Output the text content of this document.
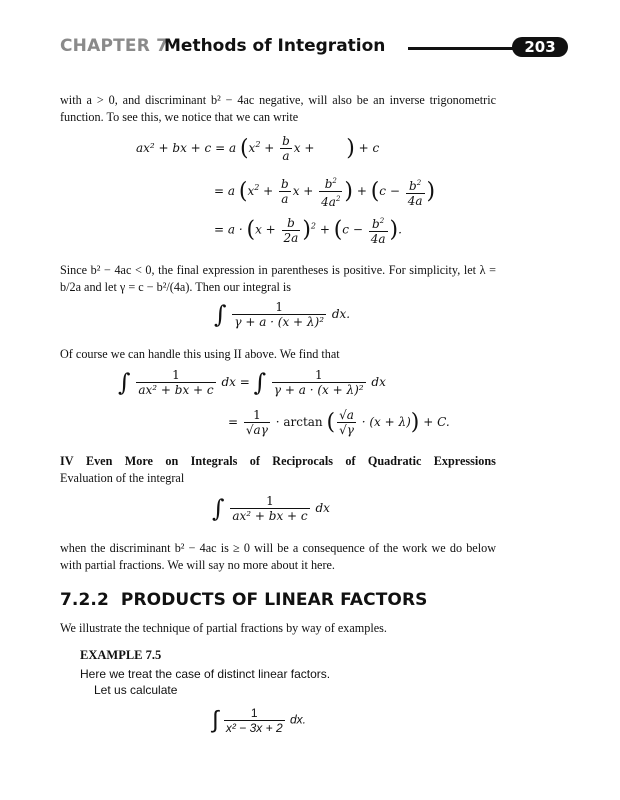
CHAPTER 7
Methods of Integration	203
with a > 0, and discriminant b² − 4ac negative, will also be an inverse trigonometric function. To see this, we notice that we can write
ax² + bx + c = a ($x^2 + \frac{b}{a}$ x + ) + c
= a ($x^2 + \frac{b}{a}$ $x + \frac{b^2}{4a^2}$ ) + ($c - \frac{b^2}{4a}$ )
= $a \cdot (x + \frac{b}{2a} )^2 + (c - \frac{b^2}{4a}$ ).
Since b² − 4ac < 0, the final expression in parentheses is positive. For simplicity, let λ = b/2a and let γ = c − b²/(4a). Then our integral is
∫ $\frac{1}{\text{γ + a · (x + λ)²}}$ dx.
Of course we can handle this using II above. We find that
∫ $\frac{1}{\text{ax² + bx + c}}$ dx = ∫ $\frac{1}{\text{γ + a · (x + λ)²}}$ dx
= $\frac{1}{√a\gamma} \cdot \arctan$ ( $\frac{√a}{√\gamma} \cdot (x + \lambda)) + C$.
IV Even More on Integrals of Reciprocals of Quadratic Expressions
Evaluation of the integral
∫ $\frac{1}{\text{ax² + bx + c}}$ dx
when the discriminant b² − 4ac is ≥ 0 will be a consequence of the work we do below with partial fractions. We will say no more about it here.
7.2.2 PRODUCTS OF LINEAR FACTORS
We illustrate the technique of partial fractions by way of examples.
EXAMPLE 7.5
Here we treat the case of distinct linear factors.
Let us calculate
∫ $\frac{1}{\text{x² − 3x + 2}}$ dx.
